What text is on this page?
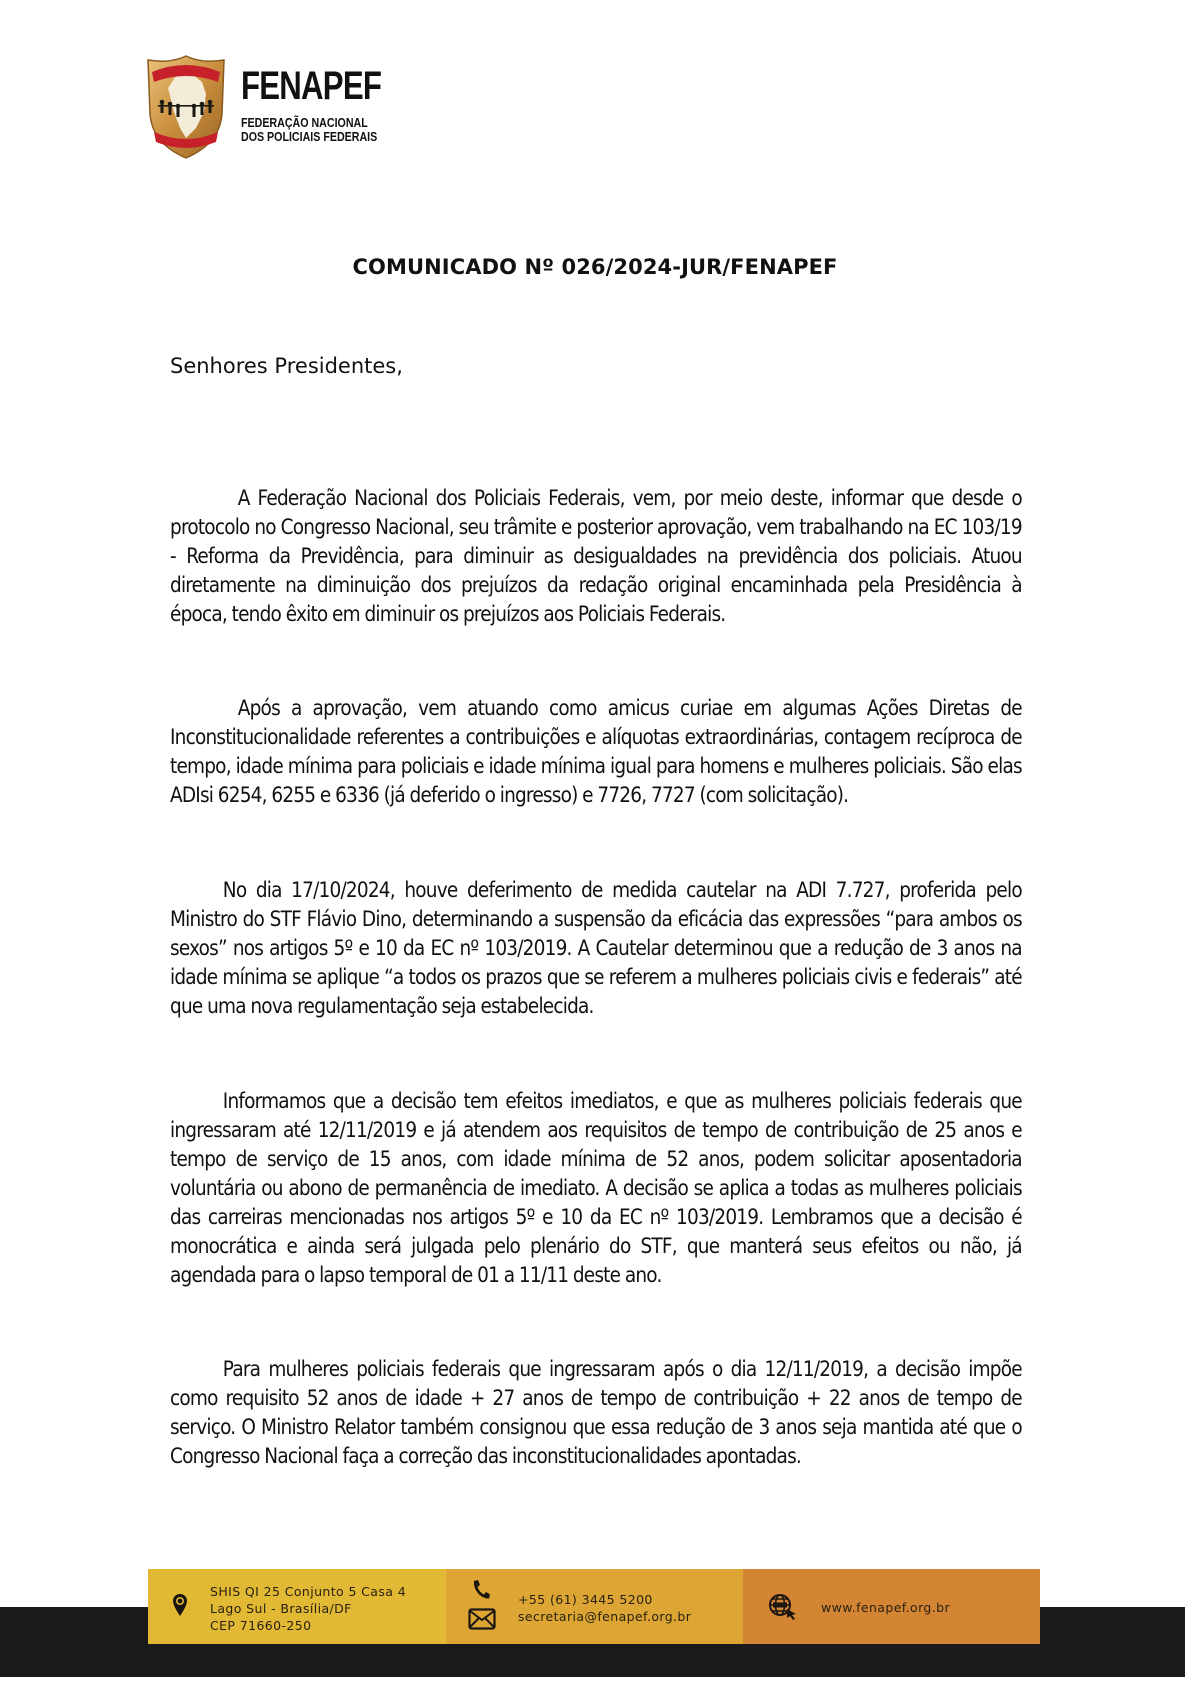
FENAPEF
FEDERAÇÃO NACIONAL
DOS POLICIAIS FEDERAIS
COMUNICADO Nº 026/2024-JUR/FENAPEF
Senhores Presidentes,
A Federação Nacional dos Policiais Federais, vem, por meio deste, informar que desde o protocolo no Congresso Nacional, seu trâmite e posterior aprovação, vem trabalhando na EC 103/19 - Reforma da Previdência, para diminuir as desigualdades na previdência dos policiais. Atuou diretamente na diminuição dos prejuízos da redação original encaminhada pela Presidência à época, tendo êxito em diminuir os prejuízos aos Policiais Federais.
Após a aprovação, vem atuando como amicus curiae em algumas Ações Diretas de Inconstitucionalidade referentes a contribuições e alíquotas extraordinárias, contagem recíproca de tempo, idade mínima para policiais e idade mínima igual para homens e mulheres policiais. São elas ADIsi 6254, 6255 e 6336 (já deferido o ingresso) e 7726, 7727 (com solicitação).
No dia 17/10/2024, houve deferimento de medida cautelar na ADI 7.727, proferida pelo Ministro do STF Flávio Dino, determinando a suspensão da eficácia das expressões “para ambos os sexos” nos artigos 5º e 10 da EC nº 103/2019. A Cautelar determinou que a redução de 3 anos na idade mínima se aplique “a todos os prazos que se referem a mulheres policiais civis e federais” até que uma nova regulamentação seja estabelecida.
Informamos que a decisão tem efeitos imediatos, e que as mulheres policiais federais que ingressaram até 12/11/2019 e já atendem aos requisitos de tempo de contribuição de 25 anos e tempo de serviço de 15 anos, com idade mínima de 52 anos, podem solicitar aposentadoria voluntária ou abono de permanência de imediato. A decisão se aplica a todas as mulheres policiais das carreiras mencionadas nos artigos 5º e 10 da EC nº 103/2019. Lembramos que a decisão é monocrática e ainda será julgada pelo plenário do STF, que manterá seus efeitos ou não, já agendada para o lapso temporal de 01 a 11/11 deste ano.
Para mulheres policiais federais que ingressaram após o dia 12/11/2019, a decisão impõe como requisito 52 anos de idade + 27 anos de tempo de contribuição + 22 anos de tempo de serviço. O Ministro Relator também consignou que essa redução de 3 anos seja mantida até que o Congresso Nacional faça a correção das inconstitucionalidades apontadas.
SHIS QI 25 Conjunto 5 Casa 4
Lago Sul - Brasília/DF
CEP 71660-250
+55 (61) 3445 5200
secretaria@fenapef.org.br
www.fenapef.org.br
